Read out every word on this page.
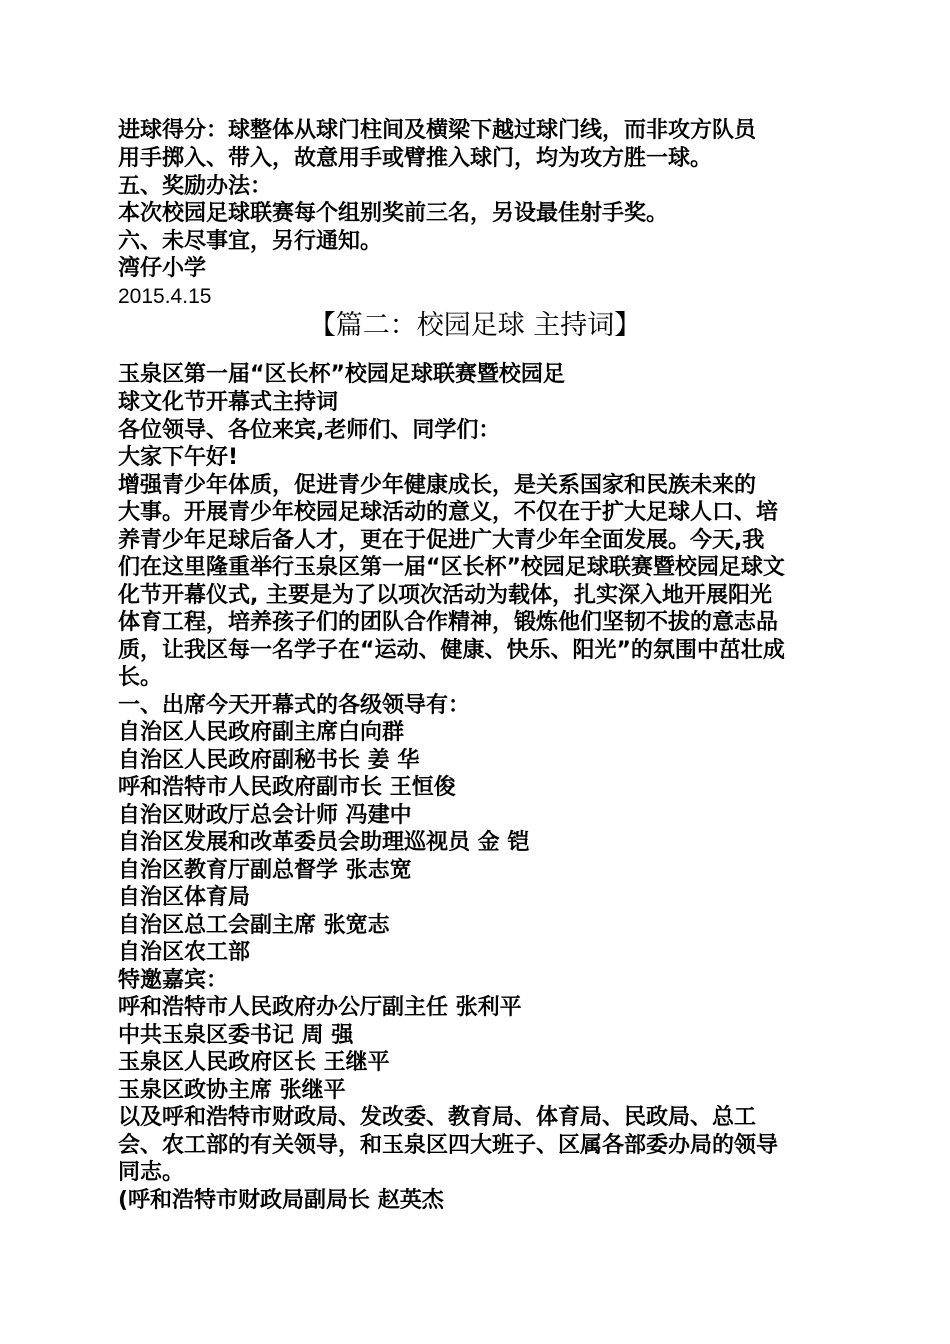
进球得分：球整体从球门柱间及横梁下越过球门线，而非攻方队员
用手掷入、带入，故意用手或臂推入球门，均为攻方胜一球。
五、奖励办法：
本次校园足球联赛每个组别奖前三名，另设最佳射手奖。
六、未尽事宜，另行通知。
湾仔小学
2015.4.15
【篇二：校园足球 主持词】
玉泉区第一届“区长杯”校园足球联赛暨校园足
球文化节开幕式主持词
各位领导、各位来宾,老师们、同学们：
大家下午好!
增强青少年体质，促进青少年健康成长，是关系国家和民族未来的
大事。开展青少年校园足球活动的意义，不仅在于扩大足球人口、培
养青少年足球后备人才，更在于促进广大青少年全面发展。今天,我
们在这里隆重举行玉泉区第一届“区长杯”校园足球联赛暨校园足球文
化节开幕仪式, 主要是为了以项次活动为载体，扎实深入地开展阳光
体育工程，培养孩子们的团队合作精神，锻炼他们坚韧不拔的意志品
质，让我区每一名学子在“运动、健康、快乐、阳光”的氛围中茁壮成
长。
一、出席今天开幕式的各级领导有：
自治区人民政府副主席白向群
自治区人民政府副秘书长 姜 华
呼和浩特市人民政府副市长 王恒俊
自治区财政厅总会计师 冯建中
自治区发展和改革委员会助理巡视员 金 铠
自治区教育厅副总督学 张志宽
自治区体育局
自治区总工会副主席 张宽志
自治区农工部
特邀嘉宾：
呼和浩特市人民政府办公厅副主任 张利平
中共玉泉区委书记 周 强
玉泉区人民政府区长 王继平
玉泉区政协主席 张继平
以及呼和浩特市财政局、发改委、教育局、体育局、民政局、总工
会、农工部的有关领导，和玉泉区四大班子、区属各部委办局的领导
同志。
(呼和浩特市财政局副局长 赵英杰
